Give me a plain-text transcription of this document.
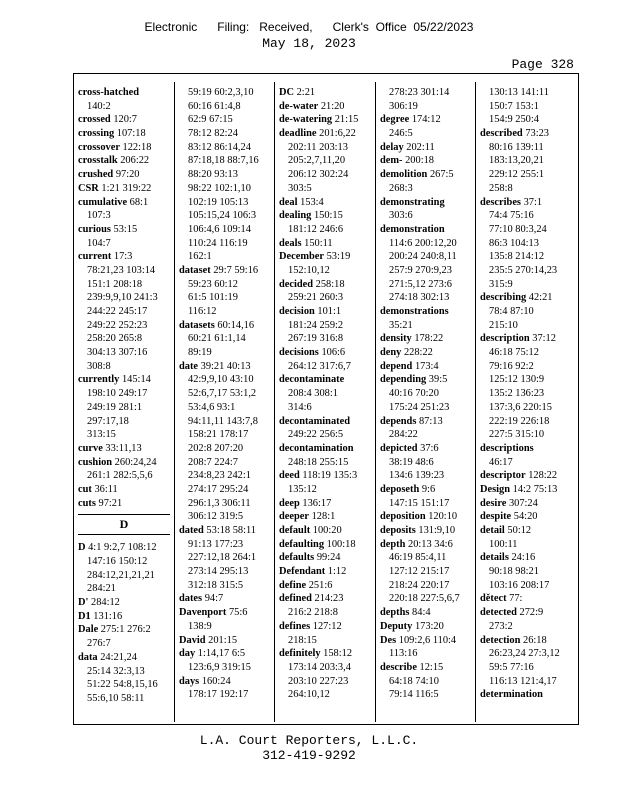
Electronic      Filing:   Received,      Clerk's  Office  05/22/2023
May 18, 2023
Page 328
cross-hatched
140:2
crossed 120:7
crossing 107:18
crossover 122:18
crosstalk 206:22
crushed 97:20
CSR 1:21 319:22
cumulative 68:1
107:3
curious 53:15
104:7
current 17:3
78:21,23 103:14
151:1 208:18
239:9,9,10 241:3
244:22 245:17
249:22 252:23
258:20 265:8
304:13 307:16
308:8
currently 145:14
198:10 249:17
249:19 281:1
297:17,18
313:15
curve 33:11,13
cushion 260:24,24
261:1 282:5,5,6
cut 36:11
cuts 97:21
D
D 4:1 9:2,7 108:12
147:16 150:12
284:12,21,21,21
284:21
D' 284:12
D1 131:16
Dale 275:1 276:2
276:7
data 24:21,24
25:14 32:3,13
51:22 54:8,15,16
55:6,10 58:11
59:19 60:2,3,10
60:16 61:4,8
62:9 67:15
78:12 82:24
83:12 86:14,24
87:18,18 88:7,16
88:20 93:13
98:22 102:1,10
102:19 105:13
105:15,24 106:3
106:4,6 109:14
110:24 116:19
162:1
dataset 29:7 59:16
59:23 60:12
61:5 101:19
116:12
datasets 60:14,16
60:21 61:1,14
89:19
date 39:21 40:13
42:9,9,10 43:10
52:6,7,17 53:1,2
53:4,6 93:1
94:11,11 143:7,8
158:21 178:17
202:8 207:20
208:7 224:7
234:8,23 242:1
274:17 295:24
296:1,3 306:11
306:12 319:5
dated 53:18 58:11
91:13 177:23
227:12,18 264:1
273:14 295:13
312:18 315:5
dates 94:7
Davenport 75:6
138:9
David 201:15
day 1:14,17 6:5
123:6,9 319:15
days 160:24
178:17 192:17
DC 2:21
de-water 21:20
de-watering 21:15
deadline 201:6,22
202:11 203:13
205:2,7,11,20
206:12 302:24
303:5
deal 153:4
dealing 150:15
181:12 246:6
deals 150:11
December 53:19
152:10,12
decided 258:18
259:21 260:3
decision 101:1
181:24 259:2
267:19 316:8
decisions 106:6
264:12 317:6,7
decontaminate
208:4 308:1
314:6
decontaminated
249:22 256:5
decontamination
248:18 255:15
deed 118:19 135:3
135:12
deep 136:17
deeper 128:1
default 100:20
defaulting 100:18
defaults 99:24
Defendant 1:12
define 251:6
defined 214:23
216:2 218:8
defines 127:12
218:15
definitely 158:12
173:14 203:3,4
203:10 227:23
264:10,12
278:23 301:14
306:19
degree 174:12
246:5
delay 202:11
dem- 200:18
demolition 267:5
268:3
demonstrating
303:6
demonstration
114:6 200:12,20
200:24 240:8,11
257:9 270:9,23
271:5,12 273:6
274:18 302:13
demonstrations
35:21
density 178:22
deny 228:22
depend 173:4
depending 39:5
40:16 70:20
175:24 251:23
depends 87:13
284:22
depicted 37:6
38:19 48:6
134:6 139:23
deposeth 9:6
147:15 151:17
deposition 120:10
deposits 131:9,10
depth 20:13 34:6
46:19 85:4,11
127:12 215:17
218:24 220:17
220:18 227:5,6,7
depths 84:4
Deputy 173:20
Des 109:2,6 110:4
113:16
describe 12:15
64:18 74:10
79:14 116:5
130:13 141:11
150:7 153:1
154:9 250:4
described 73:23
80:16 139:11
183:13,20,21
229:12 255:1
258:8
describes 37:1
74:4 75:16
77:10 80:3,24
86:3 104:13
135:8 214:12
235:5 270:14,23
315:9
describing 42:21
78:4 87:10
215:10
description 37:12
46:18 75:12
79:16 92:2
125:12 130:9
135:2 136:23
137:3,6 220:15
222:19 226:18
227:5 315:10
descriptions
46:17
descriptor 128:22
Design 14:2 75:13
desire 307:24
despite 54:20
detail 50:12
100:11
details 24:16
90:18 98:21
103:16 208:17
dětect 77:
detected 272:9
273:2
detection 26:18
26:23,24 27:3,12
59:5 77:16
116:13 121:4,17
determination
L.A. Court Reporters, L.L.C.
312-419-9292
